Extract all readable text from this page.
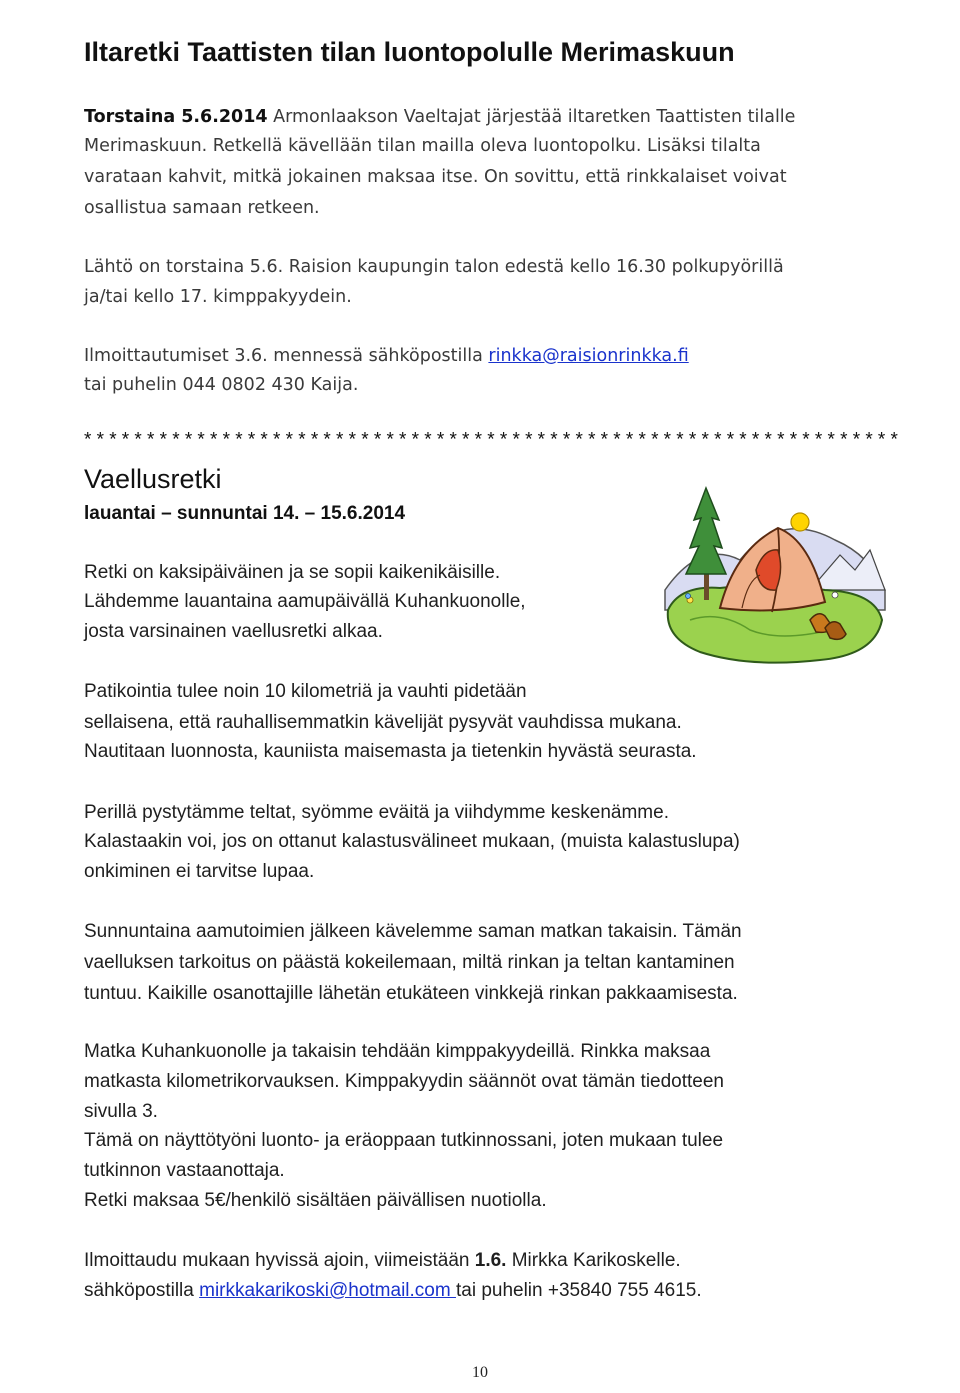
Iltaretki Taattisten tilan luontopolulle Merimaskuun
Torstaina 5.6.2014 Armonlaakson Vaeltajat järjestää iltaretken Taattisten tilalle
Merimaskuun. Retkellä kävellään tilan mailla oleva luontopolku. Lisäksi tilalta
varataan kahvit, mitkä jokainen maksaa itse. On sovittu, että rinkkalaiset voivat
osallistua samaan retkeen.
Lähtö on torstaina 5.6. Raision kaupungin talon edestä kello 16.30 polkupyörillä
ja/tai kello 17. kimppakyydein.
Ilmoittautumiset 3.6. mennessä sähköpostilla rinkka@raisionrinkka.fi
tai puhelin 044 0802 430 Kaija.
*****************************************************************
Vaellusretki
lauantai – sunnuntai 14. – 15.6.2014
Retki on kaksipäiväinen ja se sopii kaikenikäisille.
Lähdemme lauantaina aamupäivällä Kuhankuonolle,
josta varsinainen vaellusretki alkaa.
Patikointia tulee noin 10 kilometriä ja vauhti pidetään
sellaisena, että rauhallisemmatkin kävelijät pysyvät vauhdissa mukana.
Nautitaan luonnosta, kauniista maisemasta ja tietenkin hyvästä seurasta.
Perillä pystytämme teltat, syömme eväitä ja viihdymme keskenämme.
Kalastaakin voi, jos on ottanut kalastusvälineet mukaan, (muista kalastuslupa)
onkiminen ei tarvitse lupaa.
Sunnuntaina aamutoimien jälkeen kävelemme saman matkan takaisin. Tämän
vaelluksen tarkoitus on päästä kokeilemaan, miltä rinkan ja teltan kantaminen
tuntuu. Kaikille osanottajille lähetän etukäteen vinkkejä rinkan pakkaamisesta.
Matka Kuhankuonolle ja takaisin tehdään kimppakyydeillä. Rinkka maksaa
matkasta kilometrikorvauksen. Kimppakyydin säännöt ovat tämän tiedotteen
sivulla 3.
Tämä on näyttötyöni luonto- ja eräoppaan tutkinnossani, joten mukaan tulee
tutkinnon vastaanottaja.
Retki maksaa 5€/henkilö sisältäen päivällisen nuotiolla.
Ilmoittaudu mukaan hyvissä ajoin, viimeistään 1.6. Mirkka Karikoskelle.
sähköpostilla mirkkakarikoski@hotmail.com tai puhelin +35840 755 4615.
10
